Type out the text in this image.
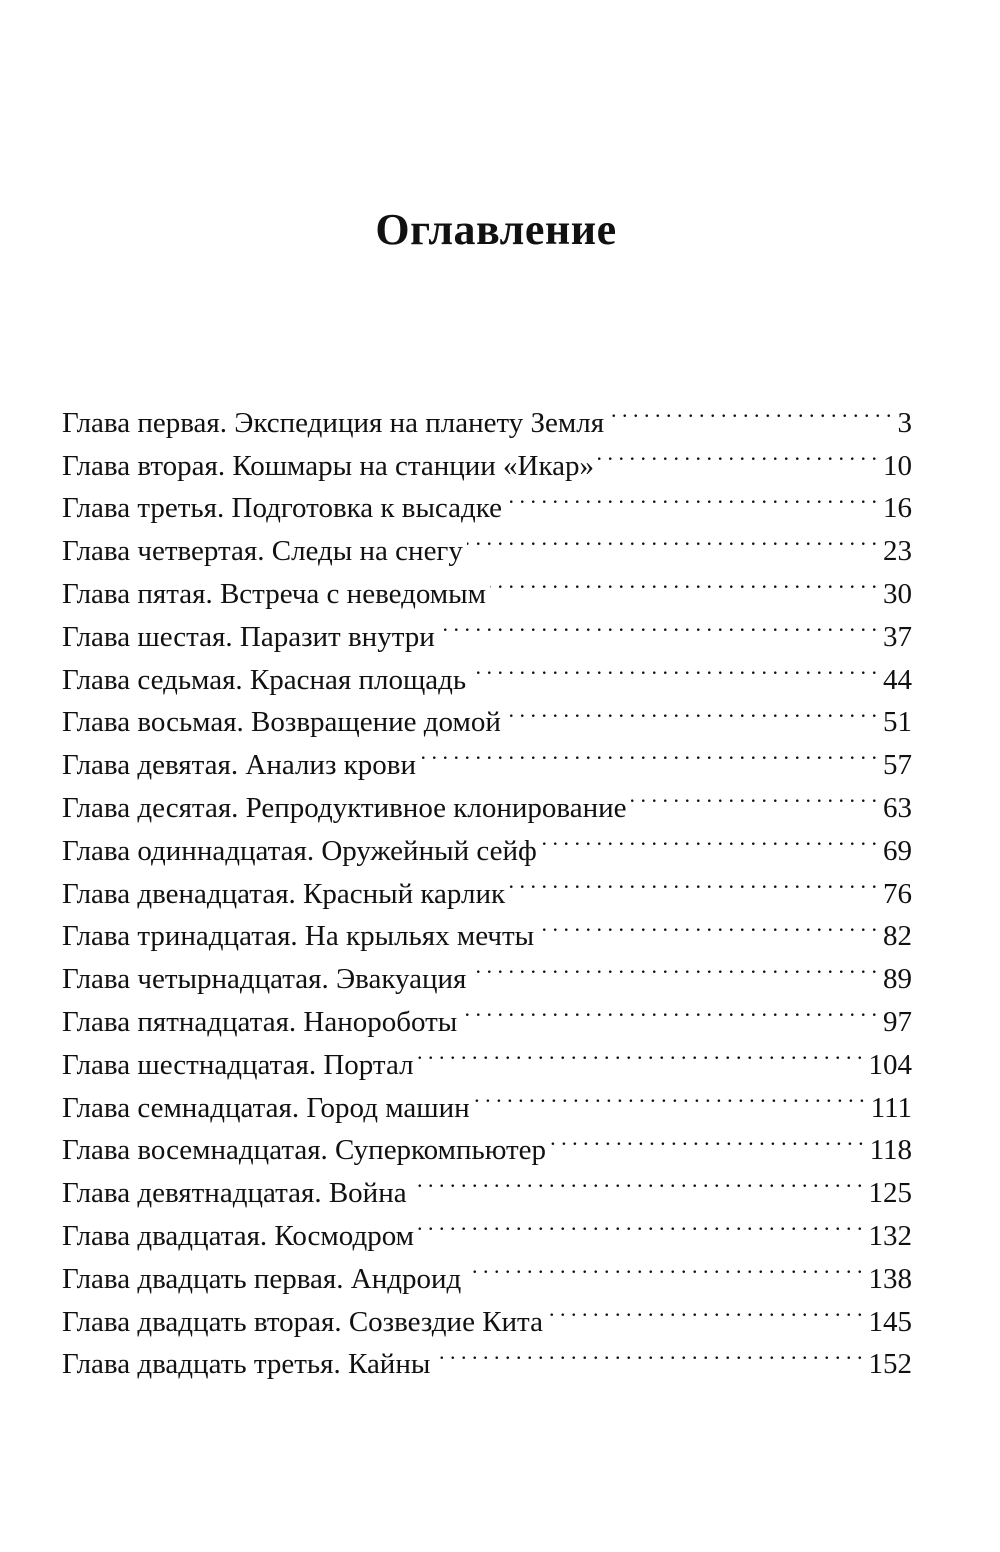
Оглавление
Глава первая. Экспедиция на планету Земля . . .	3
Глава вторая. Кошмары на станции «Икар» . . .	10
Глава третья. Подготовка к высадке . . .	16
Глава четвертая. Следы на снегу . . .	23
Глава пятая. Встреча с неведомым . . .	30
Глава шестая. Паразит внутри . . .	37
Глава седьмая. Красная площадь . . .	44
Глава восьмая. Возвращение домой . . .	51
Глава девятая. Анализ крови . . .	57
Глава десятая. Репродуктивное клонирование . . .	63
Глава одиннадцатая. Оружейный сейф . . .	69
Глава двенадцатая. Красный карлик . . .	76
Глава тринадцатая. На крыльях мечты . . .	82
Глава четырнадцатая. Эвакуация . . .	89
Глава пятнадцатая. Нанороботы . . .	97
Глава шестнадцатая. Портал . . .	104
Глава семнадцатая. Город машин . . .	111
Глава восемнадцатая. Суперкомпьютер . . .	118
Глава девятнадцатая. Война . . .	125
Глава двадцатая. Космодром . . .	132
Глава двадцать первая. Андроид . . .	138
Глава двадцать вторая. Созвездие Кита . . .	145
Глава двадцать третья. Кайны . . .	152
